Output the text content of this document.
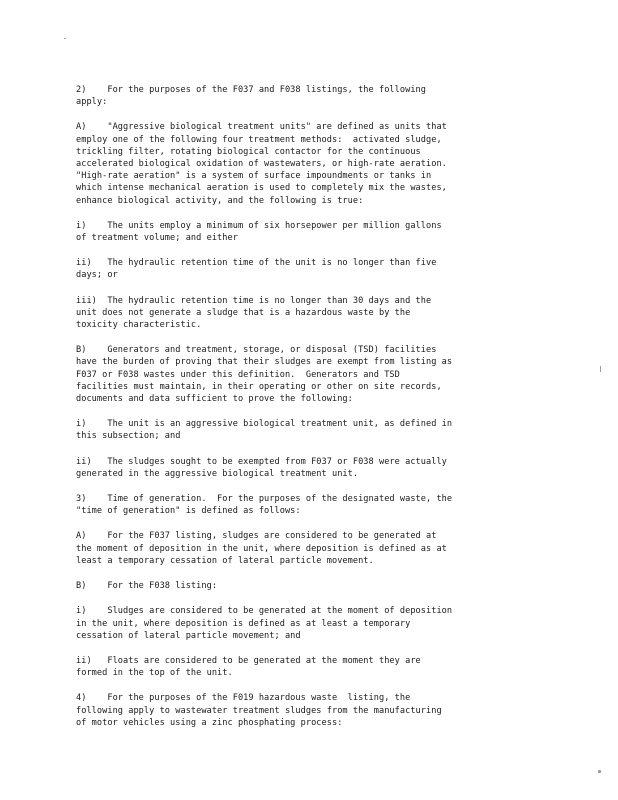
2)    For the purposes of the F037 and F038 listings, the following
apply:
A)    "Aggressive biological treatment units" are defined as units that
employ one of the following four treatment methods:  activated sludge,
trickling filter, rotating biological contactor for the continuous
accelerated biological oxidation of wastewaters, or high-rate aeration.
"High-rate aeration" is a system of surface impoundments or tanks in
which intense mechanical aeration is used to completely mix the wastes,
enhance biological activity, and the following is true:
i)    The units employ a minimum of six horsepower per million gallons
of treatment volume; and either
ii)   The hydraulic retention time of the unit is no longer than five
days; or
iii)  The hydraulic retention time is no longer than 30 days and the
unit does not generate a sludge that is a hazardous waste by the
toxicity characteristic.
B)    Generators and treatment, storage, or disposal (TSD) facilities
have the burden of proving that their sludges are exempt from listing as
F037 or F038 wastes under this definition.  Generators and TSD
facilities must maintain, in their operating or other on site records,
documents and data sufficient to prove the following:
i)    The unit is an aggressive biological treatment unit, as defined in
this subsection; and
ii)   The sludges sought to be exempted from F037 or F038 were actually
generated in the aggressive biological treatment unit.
3)    Time of generation.  For the purposes of the designated waste, the
"time of generation" is defined as follows:
A)    For the F037 listing, sludges are considered to be generated at
the moment of deposition in the unit, where deposition is defined as at
least a temporary cessation of lateral particle movement.
B)    For the F038 listing:
i)    Sludges are considered to be generated at the moment of deposition
in the unit, where deposition is defined as at least a temporary
cessation of lateral particle movement; and
ii)   Floats are considered to be generated at the moment they are
formed in the top of the unit.
4)    For the purposes of the F019 hazardous waste  listing, the
following apply to wastewater treatment sludges from the manufacturing
of motor vehicles using a zinc phosphating process:
